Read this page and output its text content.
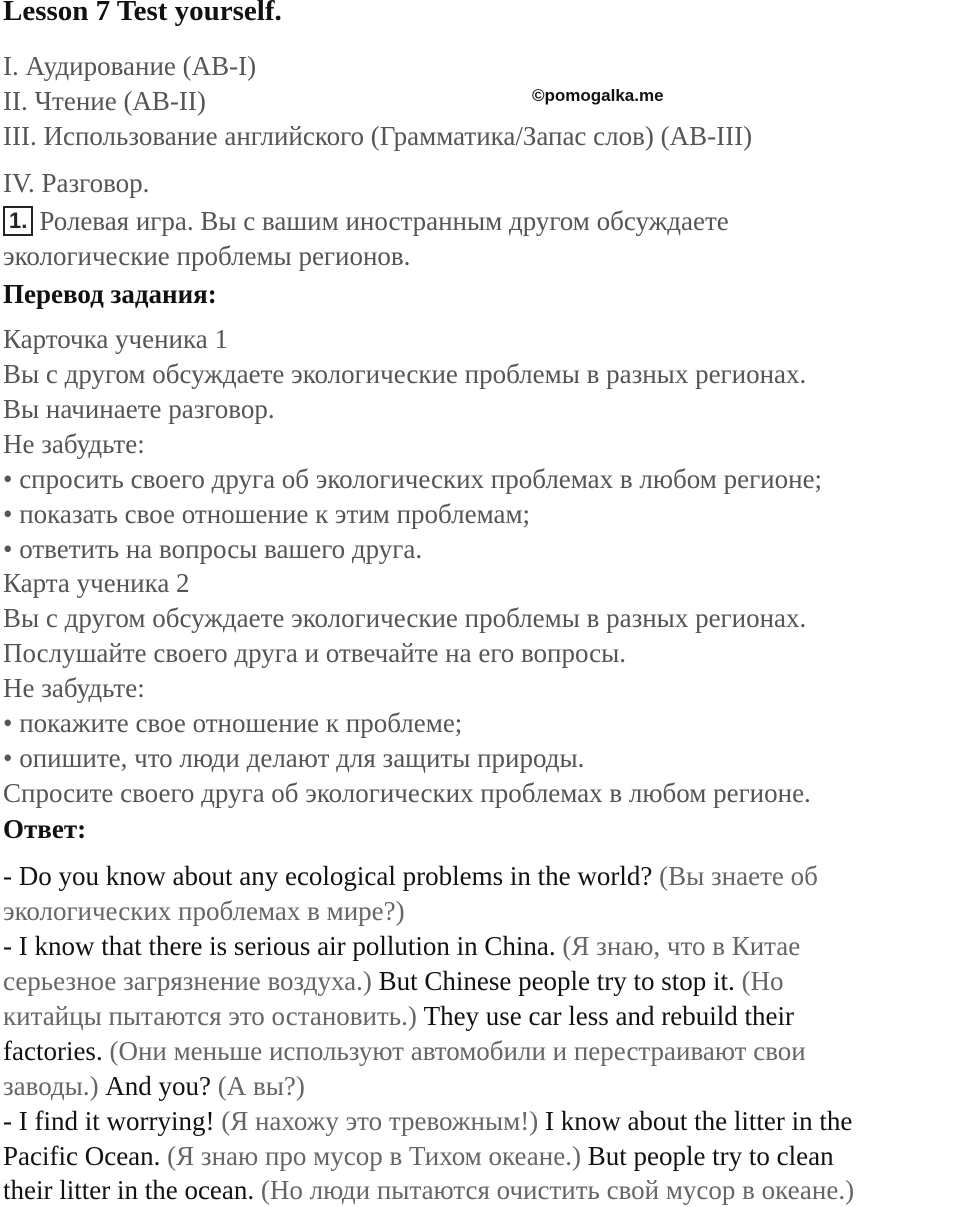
Lesson 7 Test yourself.
©pomogalka.me
I. Аудирование (AB-I)
II. Чтение (AB-II)
III. Использование английского (Грамматика/Запас слов) (AB-III)
IV. Разговор.
1. Ролевая игра. Вы с вашим иностранным другом обсуждаете
экологические проблемы регионов.
Перевод задания:
Карточка ученика 1
Вы с другом обсуждаете экологические проблемы в разных регионах.
Вы начинаете разговор.
Не забудьте:
• спросить своего друга об экологических проблемах в любом регионе;
• показать свое отношение к этим проблемам;
• ответить на вопросы вашего друга.
Карта ученика 2
Вы с другом обсуждаете экологические проблемы в разных регионах.
Послушайте своего друга и отвечайте на его вопросы.
Не забудьте:
• покажите свое отношение к проблеме;
• опишите, что люди делают для защиты природы.
Спросите своего друга об экологических проблемах в любом регионе.
Ответ:
- Do you know about any ecological problems in the world? (Вы знаете об
экологических проблемах в мире?)
- I know that there is serious air pollution in China. (Я знаю, что в Китае
серьезное загрязнение воздуха.) But Chinese people try to stop it. (Но
китайцы пытаются это остановить.) They use car less and rebuild their
factories. (Они меньше используют автомобили и перестраивают свои
заводы.) And you? (А вы?)
- I find it worrying! (Я нахожу это тревожным!) I know about the litter in the
Pacific Ocean. (Я знаю про мусор в Тихом океане.) But people try to clean
their litter in the ocean. (Но люди пытаются очистить свой мусор в океане.)
